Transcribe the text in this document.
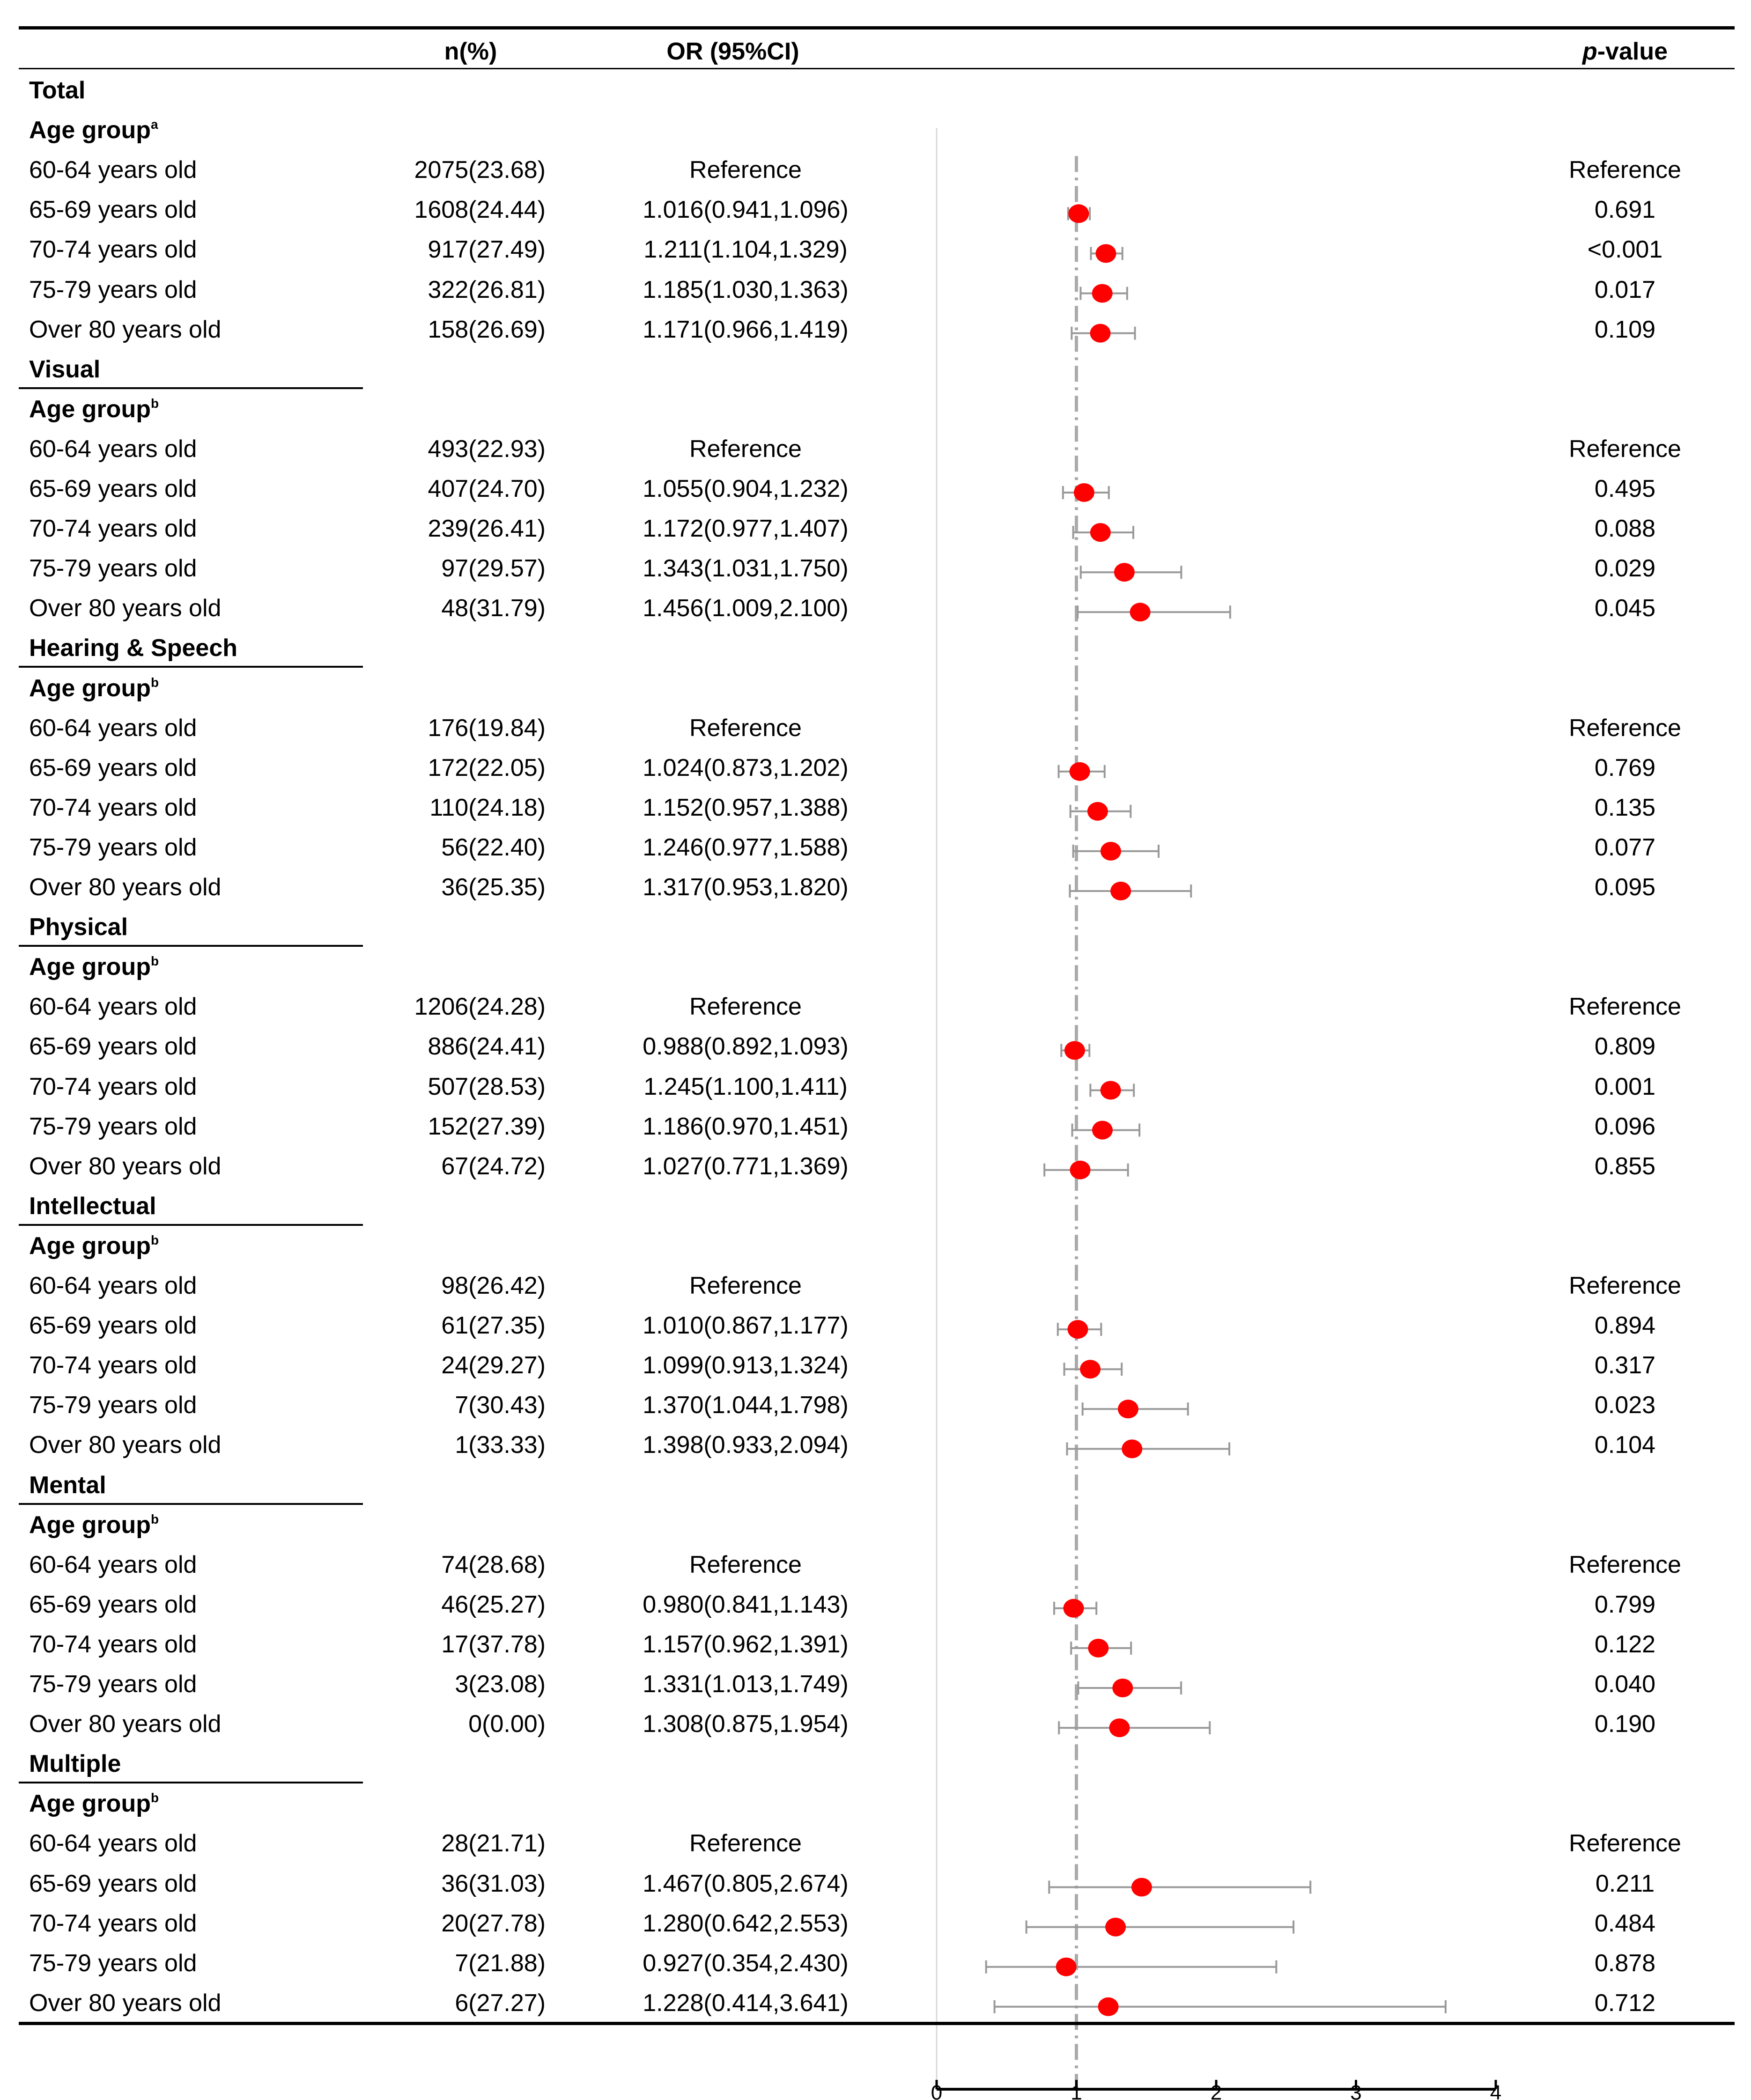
n(%)	OR (95%CI)	p-value
Total
Age group$^a$
60-64 years old	2075(23.68)	Reference	Reference
65-69 years old	1608(24.44)	1.016(0.941,1.096)	0.691
70-74 years old	917(27.49)	1.211(1.104,1.329)	<0.001
75-79 years old	322(26.81)	1.185(1.030,1.363)	0.017
Over 80 years old	158(26.69)	1.171(0.966,1.419)	0.109
Visual
Age group$^b$
60-64 years old	493(22.93)	Reference	Reference
65-69 years old	407(24.70)	1.055(0.904,1.232)	0.495
70-74 years old	239(26.41)	1.172(0.977,1.407)	0.088
75-79 years old	97(29.57)	1.343(1.031,1.750)	0.029
Over 80 years old	48(31.79)	1.456(1.009,2.100)	0.045
Hearing & Speech
Age group$^b$
60-64 years old	176(19.84)	Reference	Reference
65-69 years old	172(22.05)	1.024(0.873,1.202)	0.769
70-74 years old	110(24.18)	1.152(0.957,1.388)	0.135
75-79 years old	56(22.40)	1.246(0.977,1.588)	0.077
Over 80 years old	36(25.35)	1.317(0.953,1.820)	0.095
Physical
Age group$^b$
60-64 years old	1206(24.28)	Reference	Reference
65-69 years old	886(24.41)	0.988(0.892,1.093)	0.809
70-74 years old	507(28.53)	1.245(1.100,1.411)	0.001
75-79 years old	152(27.39)	1.186(0.970,1.451)	0.096
Over 80 years old	67(24.72)	1.027(0.771,1.369)	0.855
Intellectual
Age group$^b$
60-64 years old	98(26.42)	Reference	Reference
65-69 years old	61(27.35)	1.010(0.867,1.177)	0.894
70-74 years old	24(29.27)	1.099(0.913,1.324)	0.317
75-79 years old	7(30.43)	1.370(1.044,1.798)	0.023
Over 80 years old	1(33.33)	1.398(0.933,2.094)	0.104
Mental
Age group$^b$
60-64 years old	74(28.68)	Reference	Reference
65-69 years old	46(25.27)	0.980(0.841,1.143)	0.799
70-74 years old	17(37.78)	1.157(0.962,1.391)	0.122
75-79 years old	3(23.08)	1.331(1.013,1.749)	0.040
Over 80 years old	0(0.00)	1.308(0.875,1.954)	0.190
Multiple
Age group$^b$
60-64 years old	28(21.71)	Reference	Reference
65-69 years old	36(31.03)	1.467(0.805,2.674)	0.211
70-74 years old	20(27.78)	1.280(0.642,2.553)	0.484
75-79 years old	7(21.88)	0.927(0.354,2.430)	0.878
Over 80 years old	6(27.27)	1.228(0.414,3.641)	0.712
0	1	2	3	4
